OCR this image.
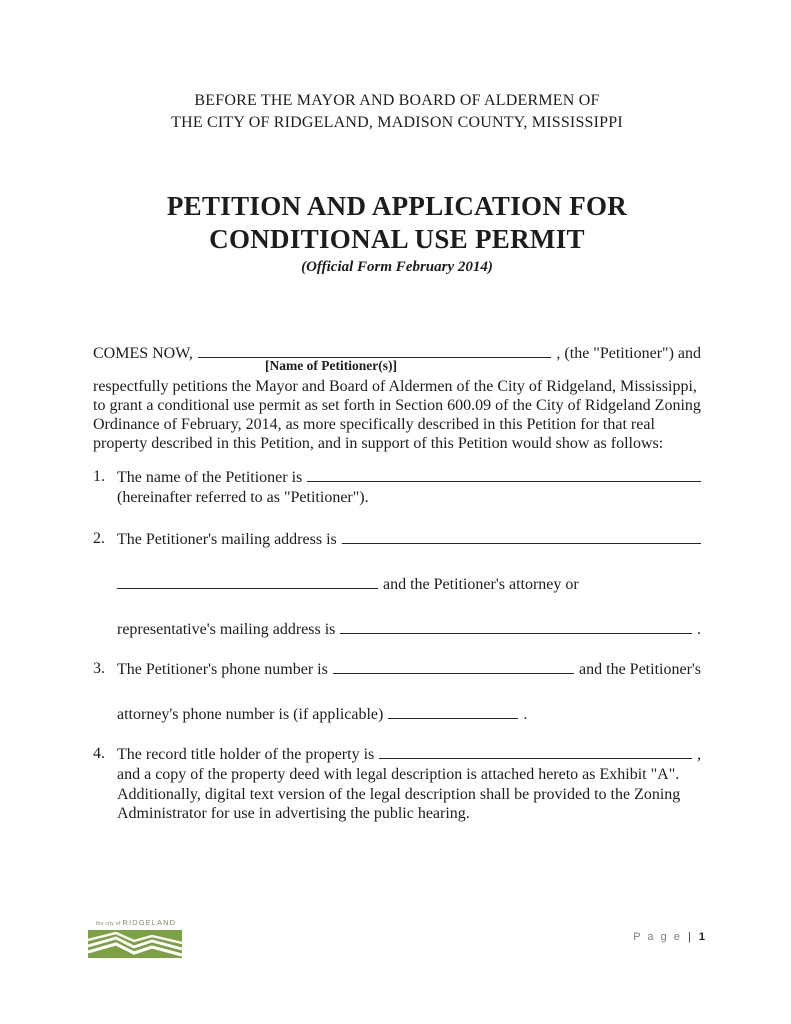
BEFORE THE MAYOR AND BOARD OF ALDERMEN OF
THE CITY OF RIDGELAND, MADISON COUNTY, MISSISSIPPI
PETITION AND APPLICATION FOR
CONDITIONAL USE PERMIT
(Official Form February 2014)
COMES NOW,
[Name of Petitioner(s)]
, (the "Petitioner") and

respectfully petitions the Mayor and Board of Aldermen of the City of Ridgeland, Mississippi, to grant a conditional use permit as set forth in Section 600.09 of the City of Ridgeland Zoning Ordinance of February, 2014, as more specifically described in this Petition for that real property described in this Petition, and in support of this Petition would show as follows:

1. The name of the Petitioner is
(hereinafter referred to as "Petitioner").
2. The Petitioner's mailing address is
and the Petitioner's attorney or
representative's mailing address is	.
3. The Petitioner's phone number is	and the Petitioner's
attorney's phone number is (if applicable)	.
4. The record title holder of the property is	,
and a copy of the property deed with legal description is attached hereto as Exhibit "A". Additionally, digital text version of the legal description shall be provided to the Zoning Administrator for use in advertising the public hearing.
the city of RIDGELAND
P a g e | 1
